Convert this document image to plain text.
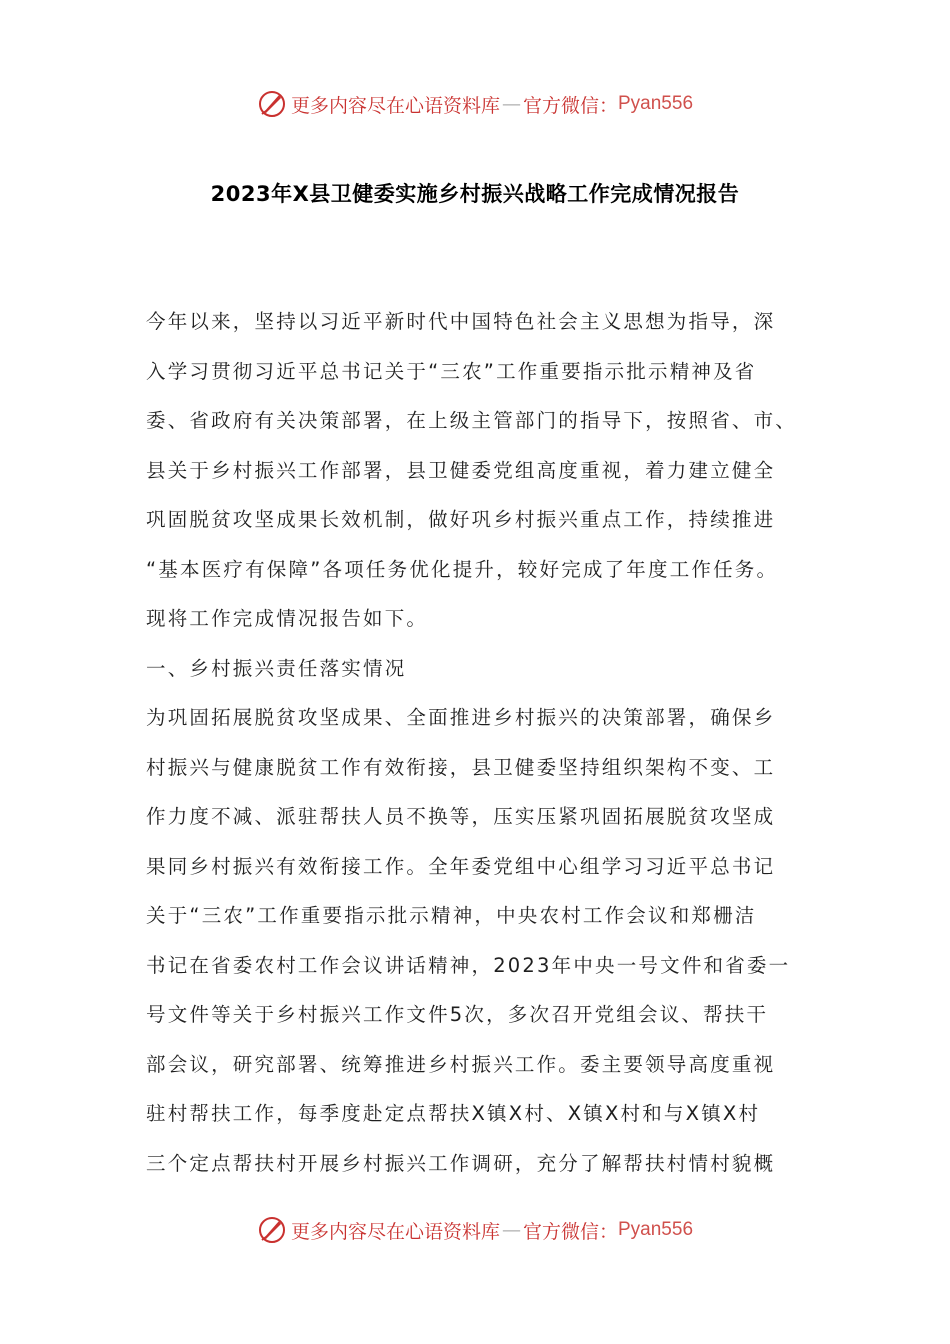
更多内容尽在心语资料库 — 官方微信： Pyan556
2023年X县卫健委实施乡村振兴战略工作完成情况报告
今年以来，坚持以习近平新时代中国特色社会主义思想为指导，深
入学习贯彻习近平总书记关于“三农”工作重要指示批示精神及省
委、省政府有关决策部署，在上级主管部门的指导下，按照省、市、
县关于乡村振兴工作部署，县卫健委党组高度重视，着力建立健全
巩固脱贫攻坚成果长效机制，做好巩乡村振兴重点工作，持续推进
“基本医疗有保障”各项任务优化提升，较好完成了年度工作任务。
现将工作完成情况报告如下。
一、乡村振兴责任落实情况
为巩固拓展脱贫攻坚成果、全面推进乡村振兴的决策部署，确保乡
村振兴与健康脱贫工作有效衔接，县卫健委坚持组织架构不变、工
作力度不减、派驻帮扶人员不换等，压实压紧巩固拓展脱贫攻坚成
果同乡村振兴有效衔接工作。全年委党组中心组学习习近平总书记
关于“三农”工作重要指示批示精神，中央农村工作会议和郑栅洁
书记在省委农村工作会议讲话精神，2023年中央一号文件和省委一
号文件等关于乡村振兴工作文件5次，多次召开党组会议、帮扶干
部会议，研究部署、统筹推进乡村振兴工作。委主要领导高度重视
驻村帮扶工作，每季度赴定点帮扶X镇X村、X镇X村和与X镇X村
三个定点帮扶村开展乡村振兴工作调研，充分了解帮扶村情村貌概
更多内容尽在心语资料库 — 官方微信： Pyan556
